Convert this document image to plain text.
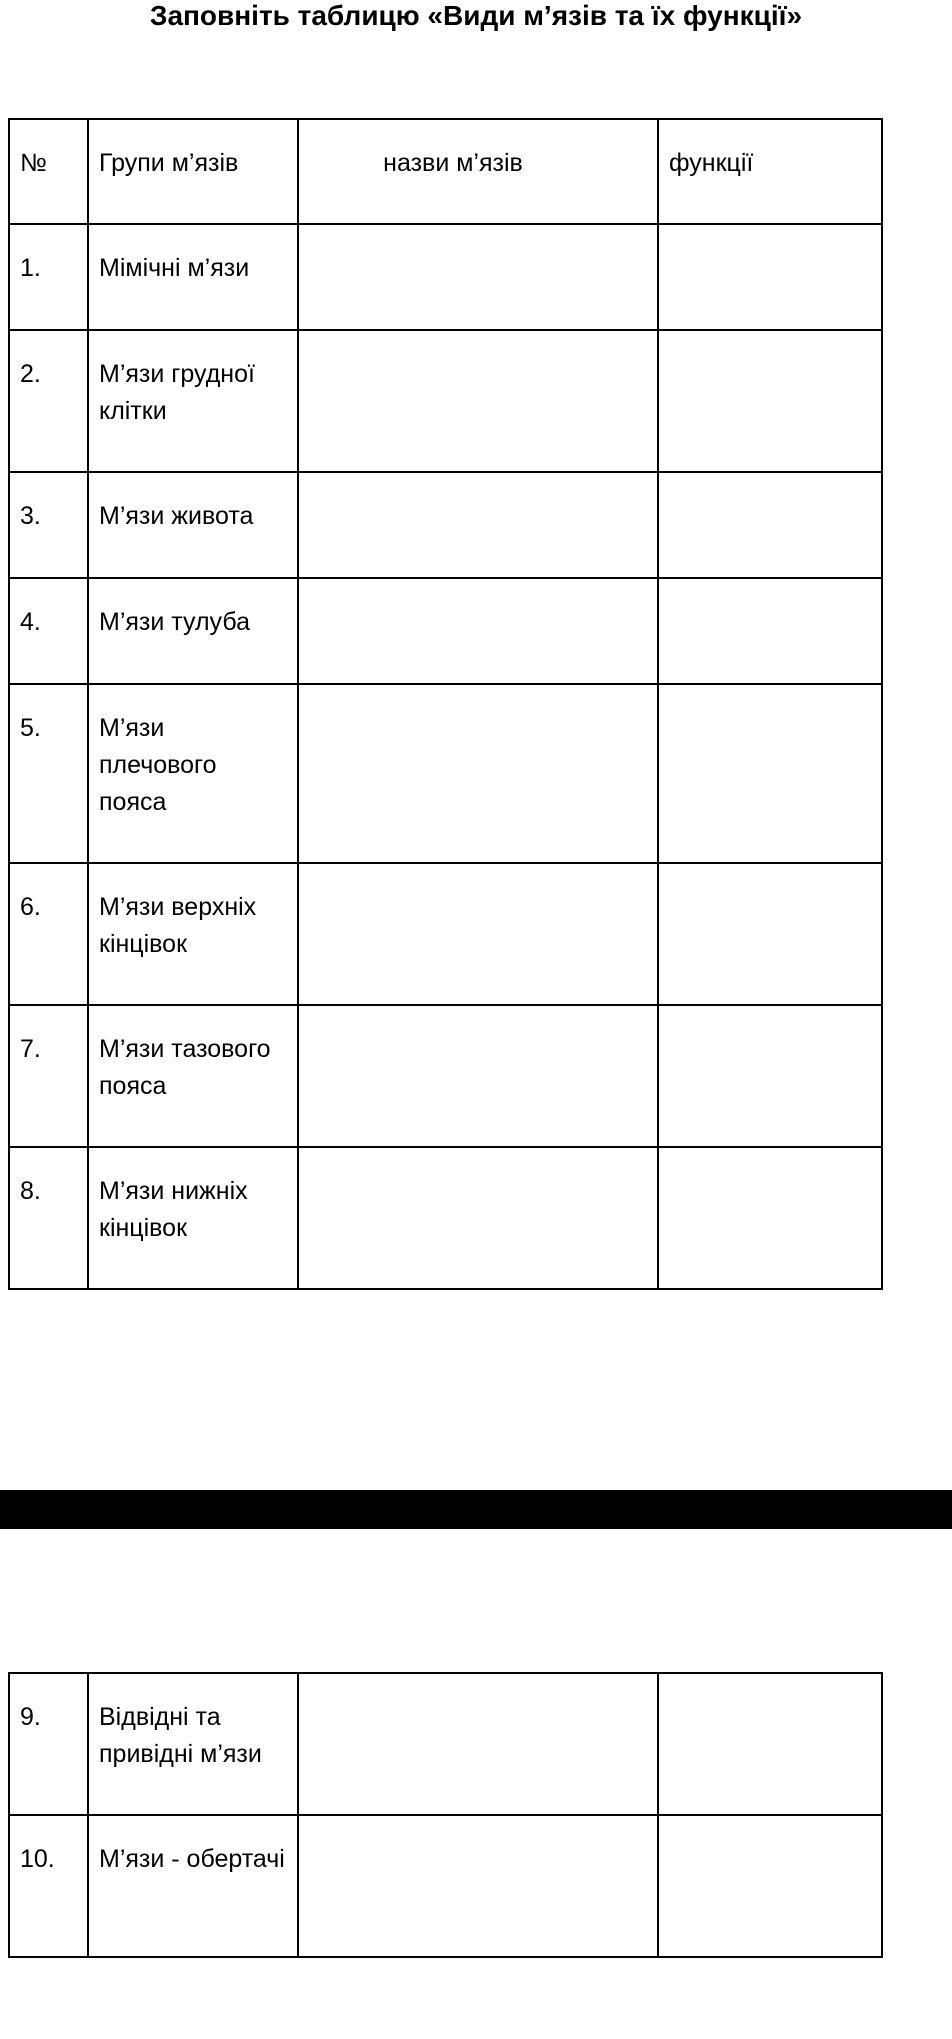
Заповніть таблицю «Види м’язів та їх функції»
№	Групи м’язів	назви м’язів	функції
1.	Мімічні м’язи		
2.	М’язи грудної клітки		
3.	М’язи живота		
4.	М’язи тулуба		
5.	М’язи плечового пояса		
6.	М’язи верхніх кінцівок		
7.	М’язи тазового пояса		
8.	М’язи нижніх кінцівок		
9.	Відвідні та привідні м’язи		
10.	М’язи - обертачі		
